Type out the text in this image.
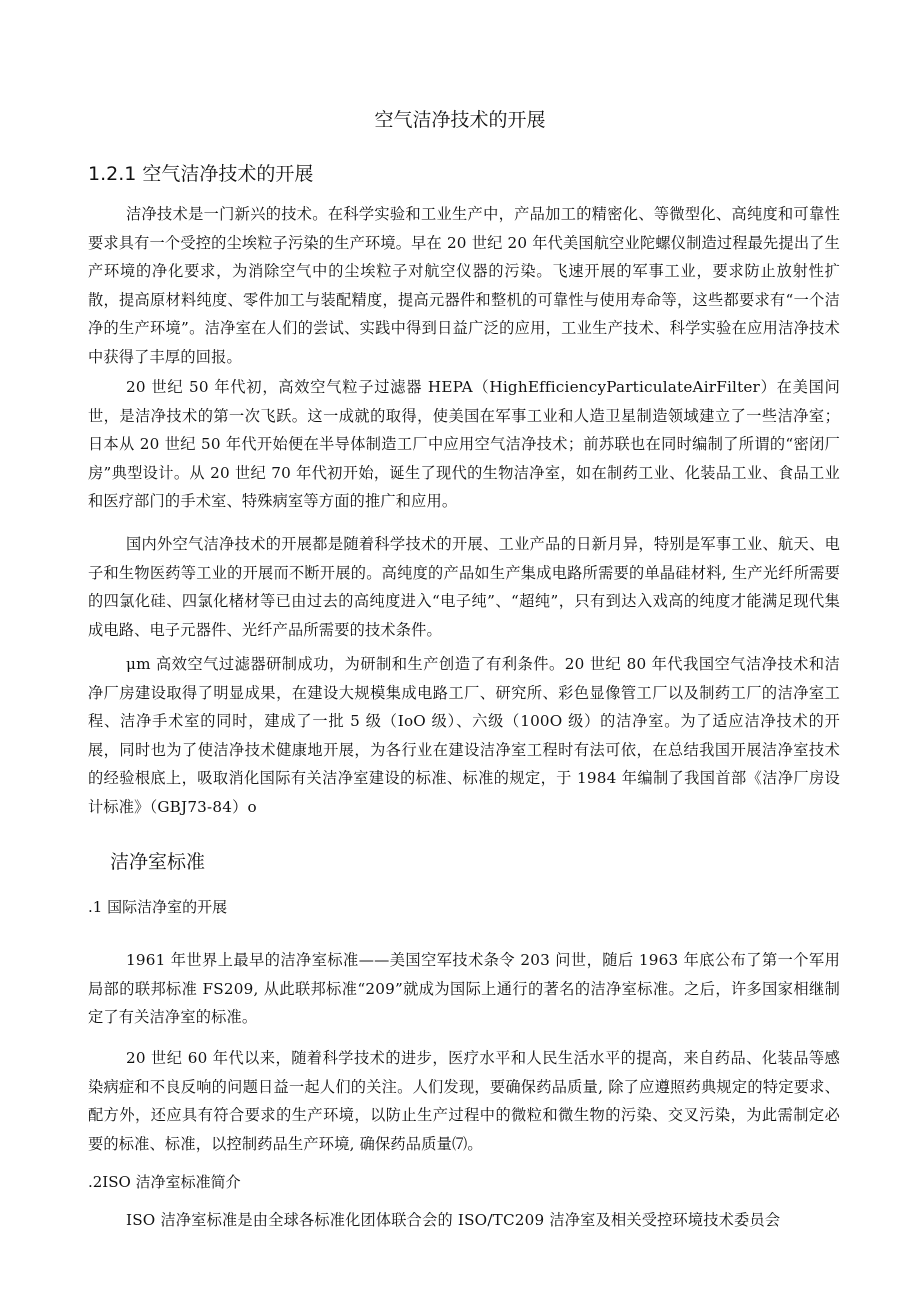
空气洁净技术的开展
1.2.1 空气洁净技术的开展

洁净技术是一门新兴的技术。在科学实验和工业生产中，产品加工的精密化、等微型化、高纯度和可靠性要求具有一个受控的尘埃粒子污染的生产环境。早在 20 世纪 20 年代美国航空业陀螺仪制造过程最先提出了生产环境的净化要求，为消除空气中的尘埃粒子对航空仪器的污染。飞速开展的军事工业，要求防止放射性扩散，提高原材料纯度、零件加工与装配精度，提高元器件和整机的可靠性与使用寿命等，这些都要求有“一个洁净的生产环境”。洁净室在人们的尝试、实践中得到日益广泛的应用，工业生产技术、科学实验在应用洁净技术中获得了丰厚的回报。

20 世纪 50 年代初，高效空气粒子过滤器 HEPA（HighEfficiencyParticulateAirFilter）在美国问世，是洁净技术的第一次飞跃。这一成就的取得，使美国在军事工业和人造卫星制造领域建立了一些洁净室；日本从 20 世纪 50 年代开始便在半导体制造工厂中应用空气洁净技术；前苏联也在同时编制了所谓的“密闭厂房”典型设计。从 20 世纪 70 年代初开始，诞生了现代的生物洁净室，如在制药工业、化装品工业、食品工业和医疗部门的手术室、特殊病室等方面的推广和应用。

国内外空气洁净技术的开展都是随着科学技术的开展、工业产品的日新月异，特别是军事工业、航天、电子和生物医药等工业的开展而不断开展的。高纯度的产品如生产集成电路所需要的单晶硅材料, 生产光纤所需要的四氯化硅、四氯化楮材等已由过去的高纯度进入“电子纯”、“超纯”，只有到达入戏高的纯度才能满足现代集成电路、电子元器件、光纤产品所需要的技术条件。

μm 高效空气过滤器研制成功，为研制和生产创造了有利条件。20 世纪 80 年代我国空气洁净技术和洁净厂房建设取得了明显成果，在建设大规模集成电路工厂、研究所、彩色显像管工厂以及制药工厂的洁净室工程、洁净手术室的同时，建成了一批 5 级（IoO 级）、六级（100O 级）的洁净室。为了适应洁净技术的开展，同时也为了使洁净技术健康地开展，为各行业在建设洁净室工程时有法可依，在总结我国开展洁净室技术的经验根底上，吸取消化国际有关洁净室建设的标准、标准的规定，于 1984 年编制了我国首部《洁净厂房设计标准》（GBJ73-84）o

洁净室标准
.1 国际洁净室的开展

1961 年世界上最早的洁净室标准——美国空军技术条令 203 问世，随后 1963 年底公布了第一个军用局部的联邦标准 FS209, 从此联邦标准“209”就成为国际上通行的著名的洁净室标准。之后，许多国家相继制定了有关洁净室的标准。

20 世纪 60 年代以来，随着科学技术的进步，医疗水平和人民生活水平的提高，来自药品、化装品等感染病症和不良反响的问题日益一起人们的关注。人们发现，要确保药品质量, 除了应遵照药典规定的特定要求、配方外，还应具有符合要求的生产环境，以防止生产过程中的微粒和微生物的污染、交叉污染，为此需制定必要的标准、标准，以控制药品生产环境, 确保药品质量⑺。

.2ISO 洁净室标准简介

ISO 洁净室标准是由全球各标准化团体联合会的 ISO/TC209 洁净室及相关受控环境技术委员会
